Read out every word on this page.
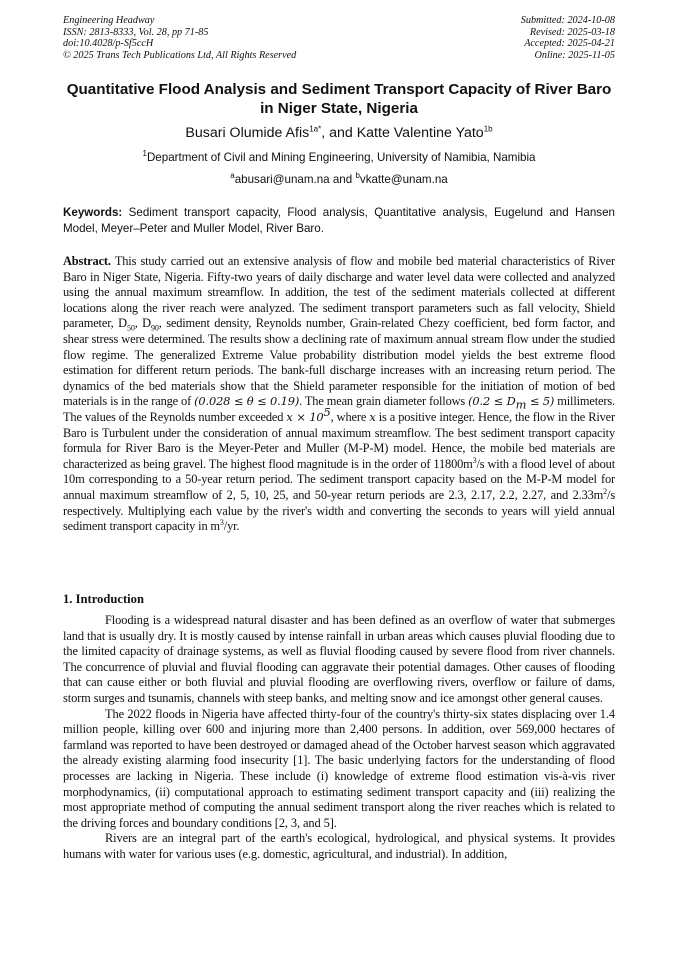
Engineering Headway
ISSN: 2813-8333, Vol. 28, pp 71-85
doi:10.4028/p-Sf5ccH
© 2025 Trans Tech Publications Ltd, All Rights Reserved
Submitted: 2024-10-08
Revised: 2025-03-18
Accepted: 2025-04-21
Online: 2025-11-05
Quantitative Flood Analysis and Sediment Transport Capacity of River Baro in Niger State, Nigeria
Busari Olumide Afis$^{1a*}$, and Katte Valentine Yato$^{1b}$
$^1$Department of Civil and Mining Engineering, University of Namibia, Namibia
$^a$abusari@unam.na and $^b$vkatte@unam.na
Keywords: Sediment transport capacity, Flood analysis, Quantitative analysis, Eugelund and Hansen Model, Meyer–Peter and Muller Model, River Baro.
Abstract. This study carried out an extensive analysis of flow and mobile bed material characteristics of River Baro in Niger State, Nigeria. Fifty-two years of daily discharge and water level data were collected and analyzed using the annual maximum streamflow. In addition, the test of the sediment materials collected at different locations along the river reach were analyzed. The sediment transport parameters such as fall velocity, Shield parameter, $D_{50}$, $D_{90}$, sediment density, Reynolds number, Grain-related Chezy coefficient, bed form factor, and shear stress were determined. The results show a declining rate of maximum annual stream flow under the studied flow regime. The generalized Extreme Value probability distribution model yields the best extreme flood estimation for different return periods. The bank-full discharge increases with an increasing return period. The dynamics of the bed materials show that the Shield parameter responsible for the initiation of motion of bed materials is in the range of (0.028 ≤ θ ≤ 0.19). The mean grain diameter follows $(0.2 \le D_m \le 5)$ millimeters. The values of the Reynolds number exceeded $x \times 10^5$, where x is a positive integer. Hence, the flow in the River Baro is Turbulent under the consideration of annual maximum streamflow. The best sediment transport capacity formula for River Baro is the Meyer-Peter and Muller (M-P-M) model. Hence, the mobile bed materials are characterized as being gravel. The highest flood magnitude is in the order of $11800m^3/s$ with a flood level of about 10m corresponding to a 50-year return period. The sediment transport capacity based on the M-P-M model for annual maximum streamflow of 2, 5, 10, 25, and 50-year return periods are 2.3, 2.17, 2.2, 2.27, and $2.33m^2/s$ respectively. Multiplying each value by the river's width and converting the seconds to years will yield annual sediment transport capacity in $m^3/yr$.
1. Introduction

Flooding is a widespread natural disaster and has been defined as an overflow of water that submerges land that is usually dry. It is mostly caused by intense rainfall in urban areas which causes pluvial flooding due to the limited capacity of drainage systems, as well as fluvial flooding caused by severe flood from river channels. The concurrence of pluvial and fluvial flooding can aggravate their potential damages. Other causes of flooding that can cause either or both fluvial and pluvial flooding are overflowing rivers, overflow or failure of dams, storm surges and tsunamis, channels with steep banks, and melting snow and ice amongst other general causes.

The 2022 floods in Nigeria have affected thirty-four of the country's thirty-six states displacing over 1.4 million people, killing over 600 and injuring more than 2,400 persons. In addition, over 569,000 hectares of farmland was reported to have been destroyed or damaged ahead of the October harvest season which aggravated the already existing alarming food insecurity [1]. The basic underlying factors for the understanding of flood processes are lacking in Nigeria. These include (i) knowledge of extreme flood estimation vis-à-vis river morphodynamics, (ii) computational approach to estimating sediment transport capacity and (iii) realizing the most appropriate method of computing the annual sediment transport along the river reaches which is related to the driving forces and boundary conditions [2, 3, and 5].

Rivers are an integral part of the earth's ecological, hydrological, and physical systems. It provides humans with water for various uses (e.g. domestic, agricultural, and industrial). In addition,
